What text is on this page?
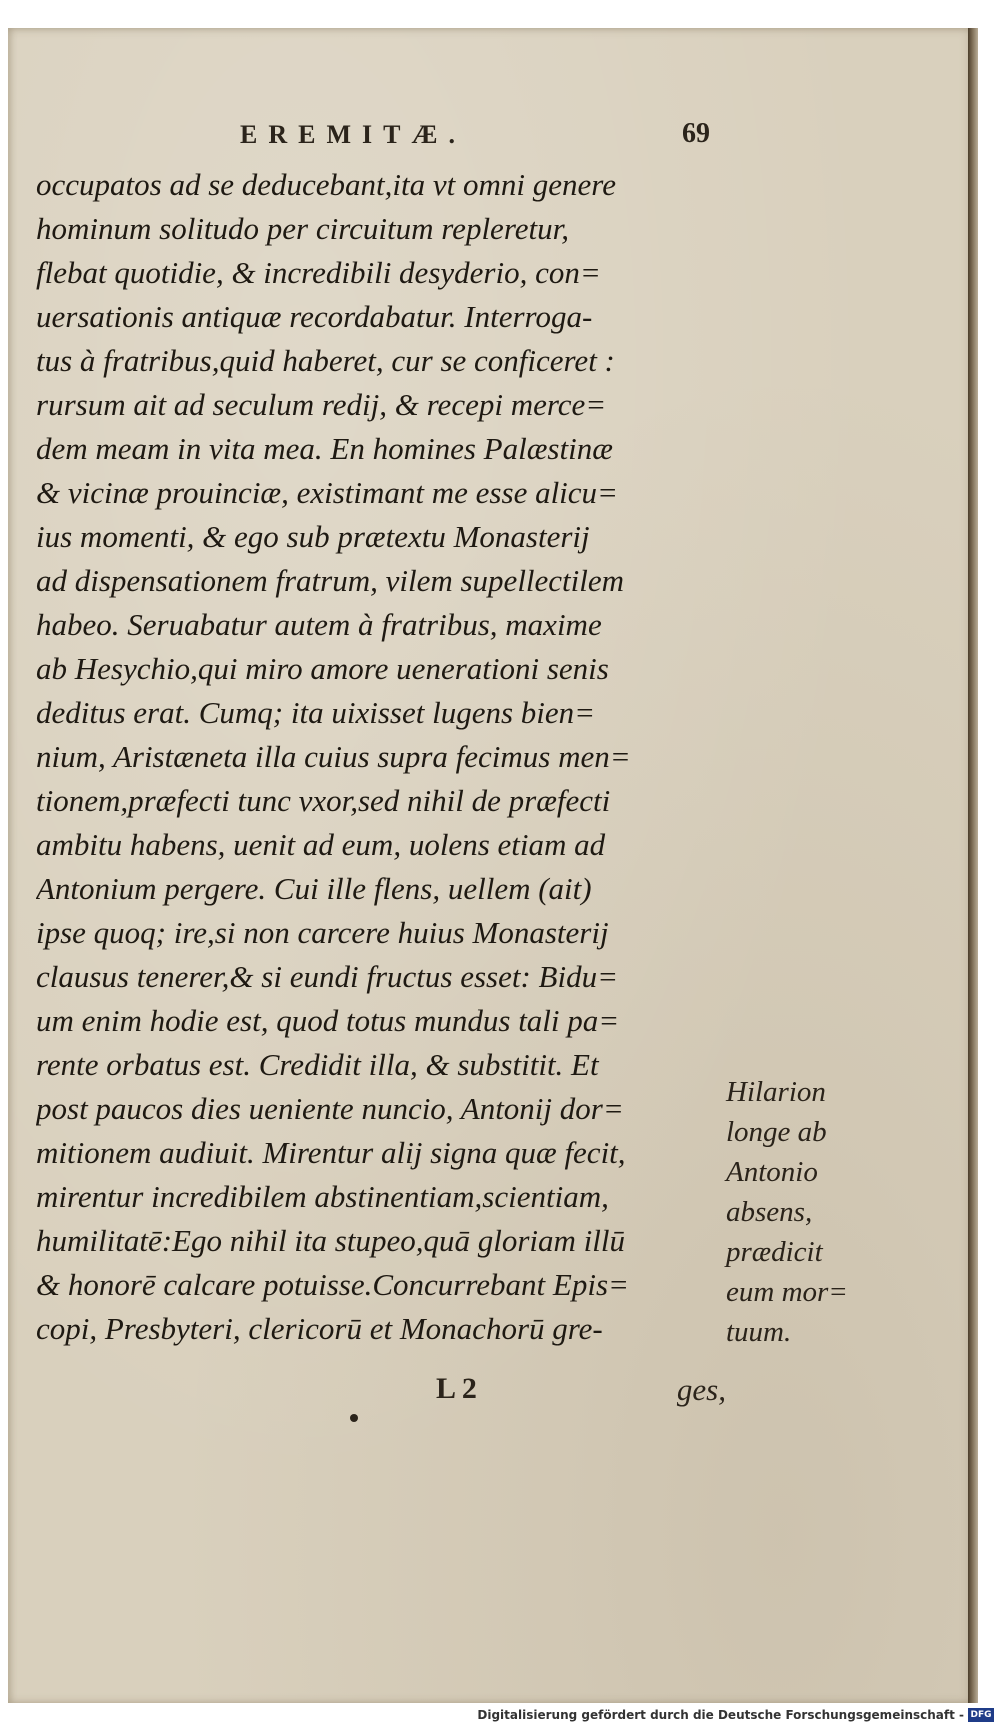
EREMITÆ.	69
occupatos ad se deducebant,ita vt omni genere
hominum solitudo per circuitum repleretur,
flebat quotidie, & incredibili desyderio, con=
uersationis antiquæ recordabatur. Interroga-
tus à fratribus,quid haberet, cur se conficeret :
rursum ait ad seculum redij, & recepi merce=
dem meam in vita mea. En homines Palæstinæ
& vicinæ prouinciæ, existimant me esse alicu=
ius momenti, & ego sub prætextu Monasterij
ad dispensationem fratrum, vilem supellectilem
habeo. Seruabatur autem à fratribus, maxime
ab Hesychio,qui miro amore uenerationi senis
deditus erat. Cumq; ita uixisset lugens bien=
nium, Aristæneta illa cuius supra fecimus men=
tionem,præfecti tunc vxor,sed nihil de præfecti
ambitu habens, uenit ad eum, uolens etiam ad
Antonium pergere. Cui ille flens, uellem (ait)
ipse quoq; ire,si non carcere huius Monasterij
clausus tenerer,& si eundi fructus esset: Bidu=
um enim hodie est, quod totus mundus tali pa=
rente orbatus est. Credidit illa, & substitit. Et
post paucos dies ueniente nuncio, Antonij dor=
mitionem audiuit. Mirentur alij signa quæ fecit,
mirentur incredibilem abstinentiam,scientiam,
humilitatē:Ego nihil ita stupeo,quā gloriam illū
& honorē calcare potuisse.Concurrebant Epis=
copi, Presbyteri, clericorū et Monachorū gre-
Hilarion
longe ab
Antonio
absens,
prædicit
eum mor=
tuum.
L 2	ges,
Digitalisierung gefördert durch die Deutsche Forschungsgemeinschaft - DFG
